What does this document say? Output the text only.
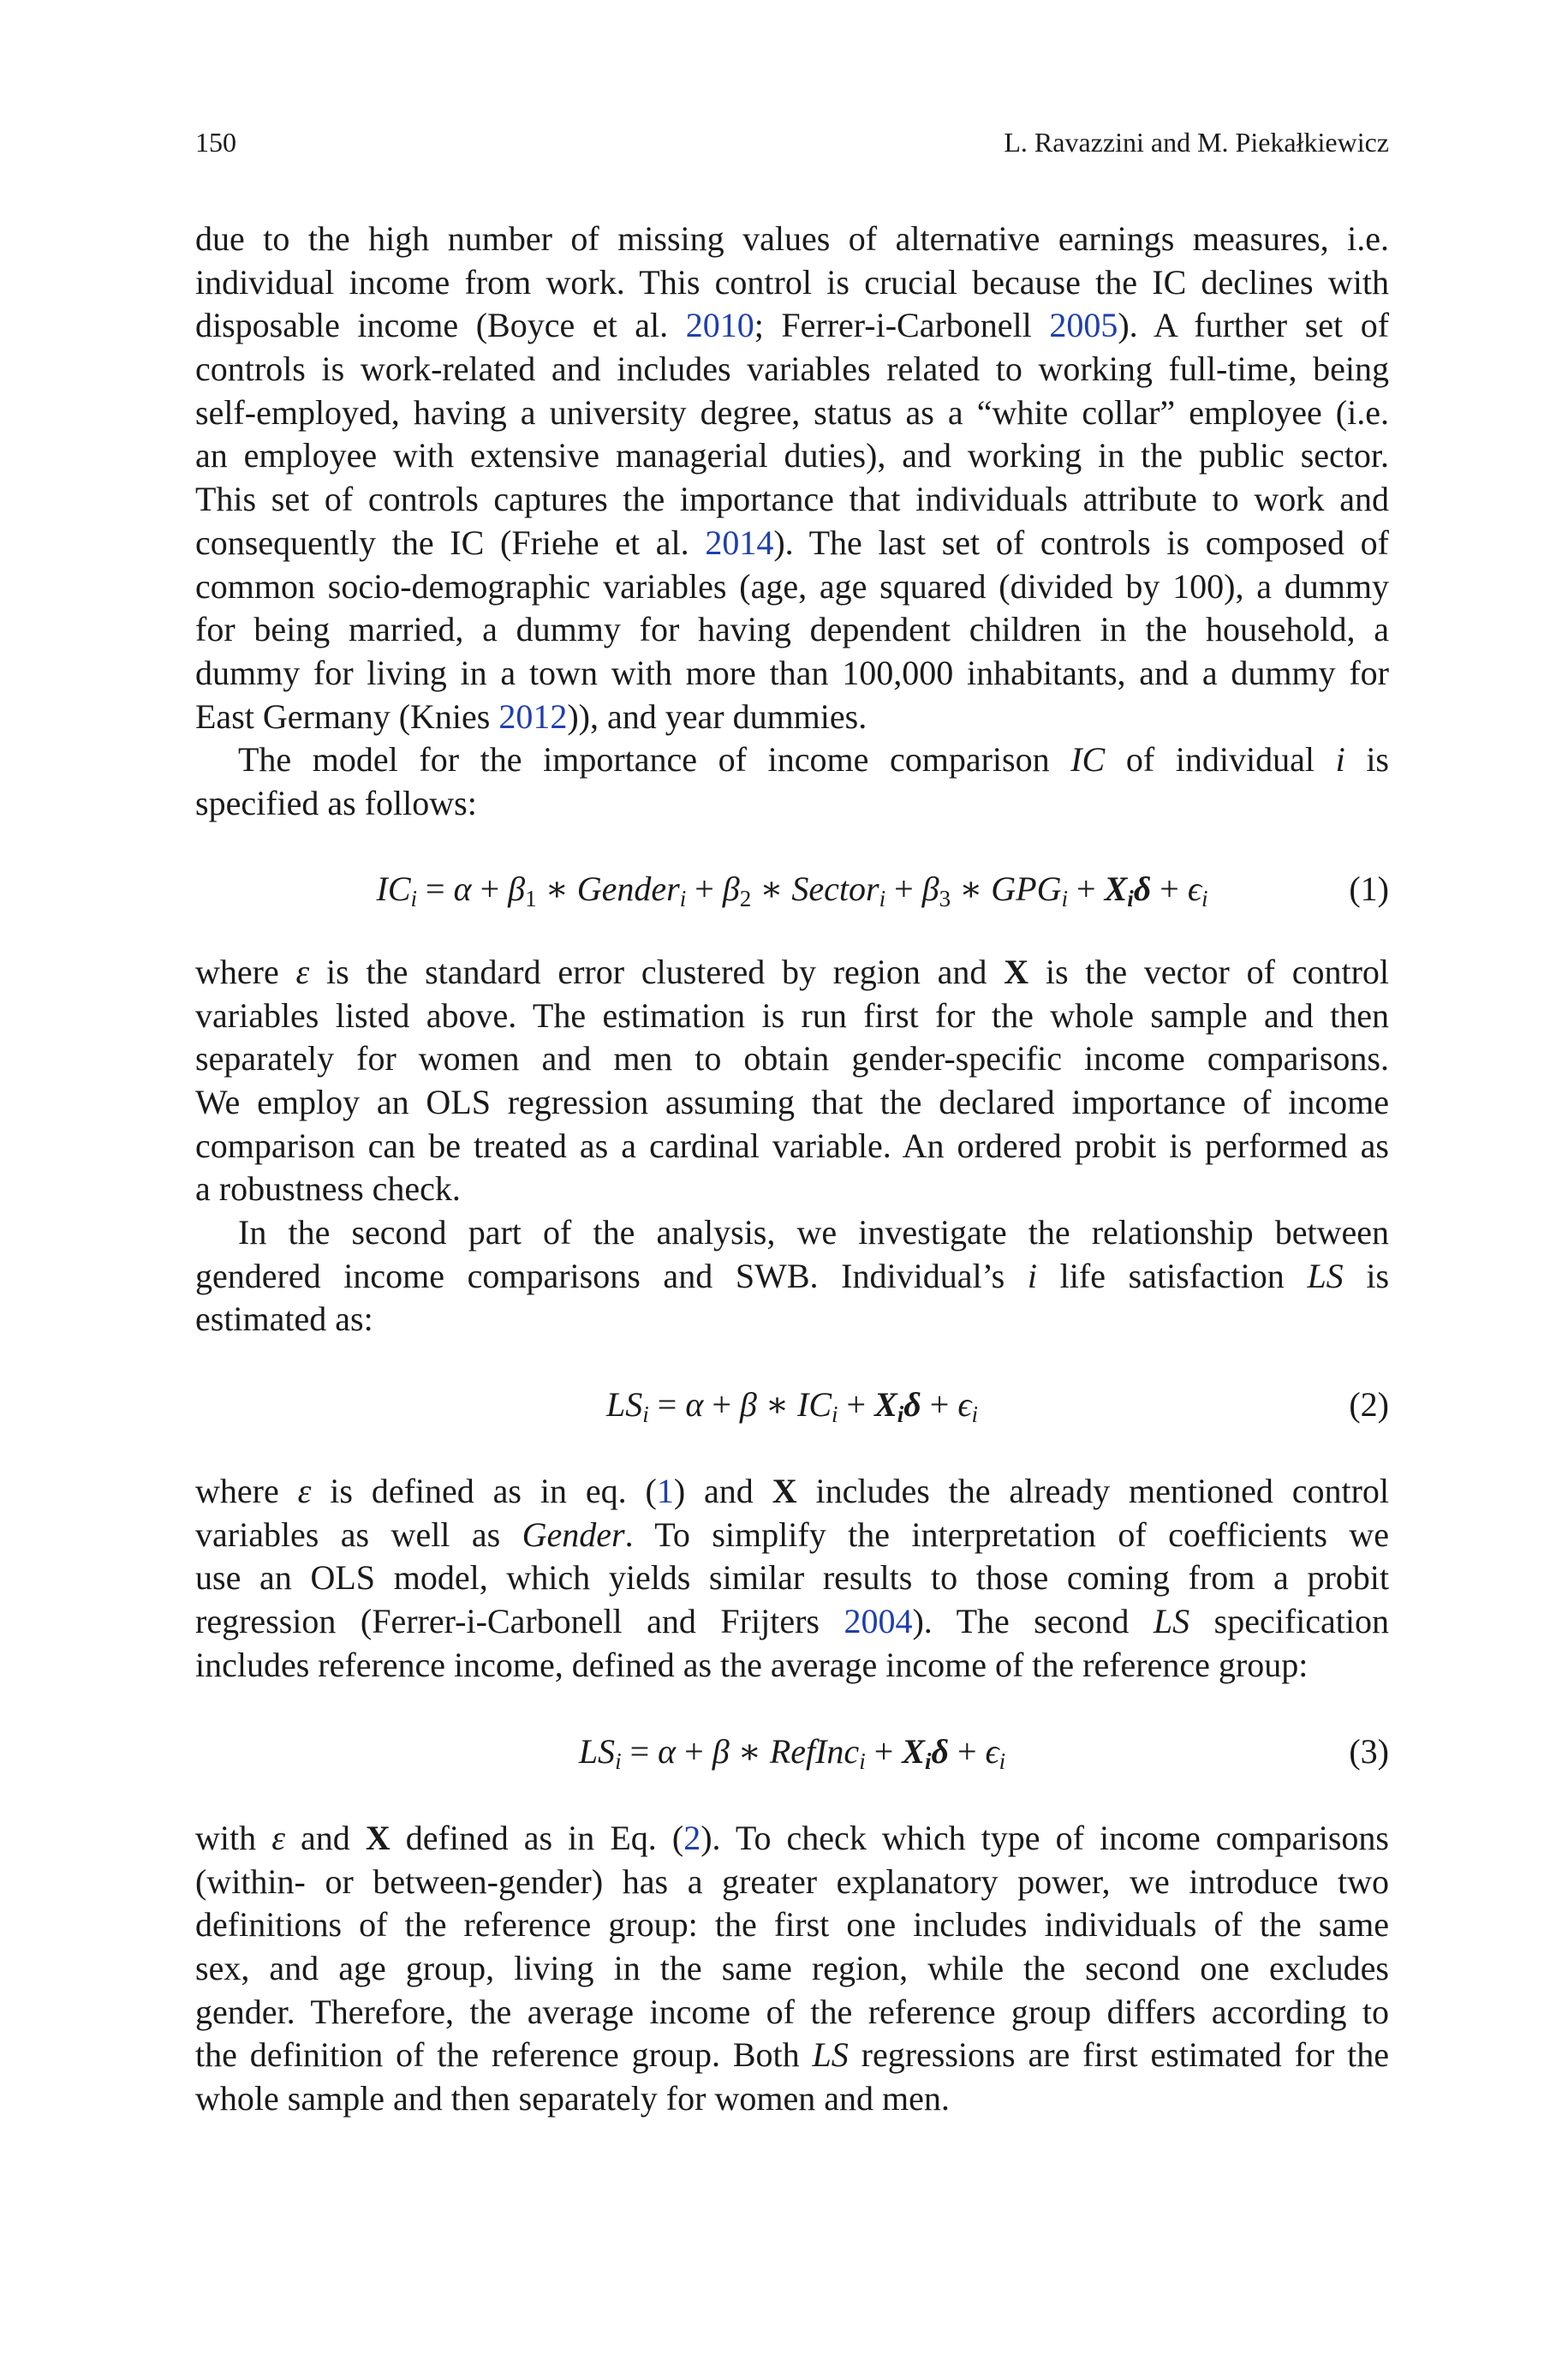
150	L. Ravazzini and M. Piekałkiewicz
due to the high number of missing values of alternative earnings measures, i.e.
individual income from work. This control is crucial because the IC declines with
disposable income (Boyce et al. 2010; Ferrer-i-Carbonell 2005). A further set of
controls is work-related and includes variables related to working full-time, being
self-employed, having a university degree, status as a “white collar” employee (i.e.
an employee with extensive managerial duties), and working in the public sector.
This set of controls captures the importance that individuals attribute to work and
consequently the IC (Friehe et al. 2014). The last set of controls is composed of
common socio-demographic variables (age, age squared (divided by 100), a dummy
for being married, a dummy for having dependent children in the household, a
dummy for living in a town with more than 100,000 inhabitants, and a dummy for
East Germany (Knies 2012)), and year dummies.
The model for the importance of income comparison IC of individual i is
specified as follows:
$IC_i = \alpha + \beta_1$ ∗ Gender$_i$ + $\beta_2$ ∗ Sector$_i$ + $\beta_3$ ∗ $GPG_i + X_i\delta + \epsilon_i$	(1)
where ε is the standard error clustered by region and X is the vector of control
variables listed above. The estimation is run first for the whole sample and then
separately for women and men to obtain gender-specific income comparisons.
We employ an OLS regression assuming that the declared importance of income
comparison can be treated as a cardinal variable. An ordered probit is performed as
a robustness check.
In the second part of the analysis, we investigate the relationship between
gendered income comparisons and SWB. Individual’s i life satisfaction LS is
estimated as:
$LS_i = \alpha + \beta$ ∗ $IC_i + X_i\delta + \epsilon_i$	(2)
where ε is defined as in eq. (1) and X includes the already mentioned control
variables as well as Gender. To simplify the interpretation of coefficients we
use an OLS model, which yields similar results to those coming from a probit
regression (Ferrer-i-Carbonell and Frijters 2004). The second LS specification
includes reference income, defined as the average income of the reference group:
$LS_i = \alpha + \beta$ ∗ RefInc$_i$ + $X_i\delta + \epsilon_i$	(3)
with ε and X defined as in Eq. (2). To check which type of income comparisons
(within- or between-gender) has a greater explanatory power, we introduce two
definitions of the reference group: the first one includes individuals of the same
sex, and age group, living in the same region, while the second one excludes
gender. Therefore, the average income of the reference group differs according to
the definition of the reference group. Both LS regressions are first estimated for the
whole sample and then separately for women and men.
